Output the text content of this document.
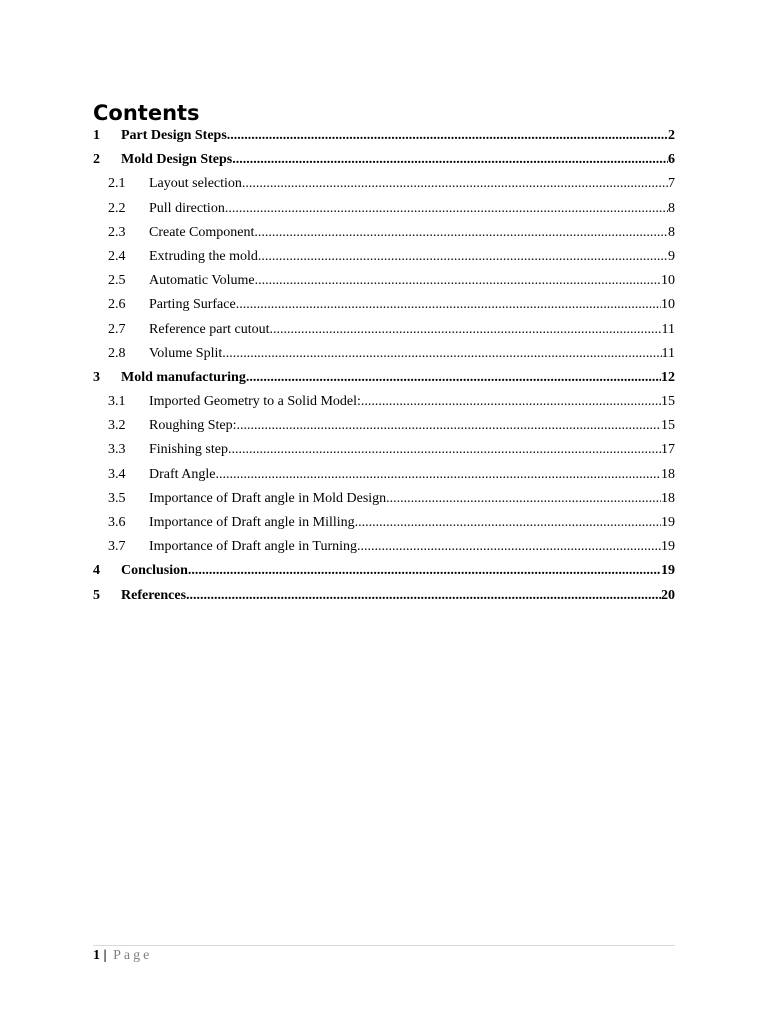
Contents
1	Part Design Steps .....	2
2	Mold Design Steps. .....	6
2.1	Layout selection .....	7
2.2	Pull direction .....	8
2.3	Create Component .....	8
2.4	Extruding the mold .....	9
2.5	Automatic Volume .....	10
2.6	Parting Surface .....	10
2.7	Reference part cutout .....	11
2.8	Volume Split .....	11
3	Mold manufacturing .....	12
3.1	Imported Geometry to a Solid Model: .....	15
3.2	Roughing Step: .....	15
3.3	Finishing step .....	17
3.4	Draft Angle .....	18
3.5	Importance of Draft angle in Mold Design .....	18
3.6	Importance of Draft angle in Milling .....	19
3.7	Importance of Draft angle in Turning .....	19
4	Conclusion .....	19
5	References .....	20
1 | Page
